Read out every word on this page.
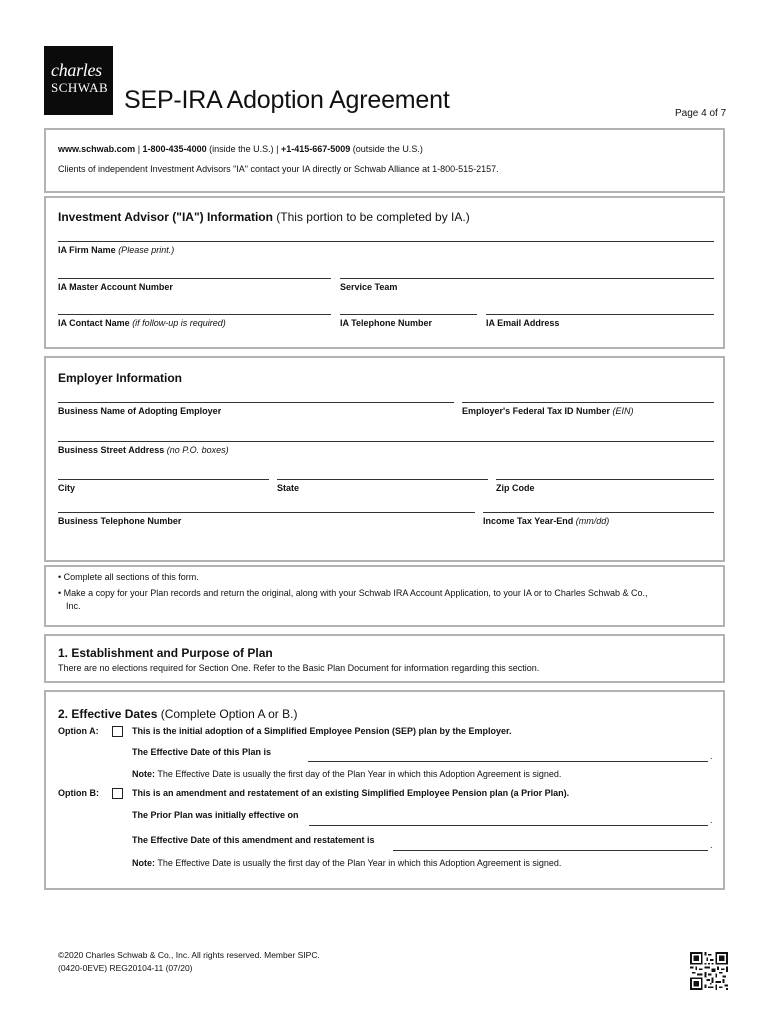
charles
SCHWAB SEP-IRA Adoption Agreement	Page 4 of 7
www.schwab.com | 1-800-435-4000 (inside the U.S.) | +1-415-667-5009 (outside the U.S.)
Clients of independent Investment Advisors "IA" contact your IA directly or Schwab Alliance at 1-800-515-2157.
Investment Advisor ("IA") Information (This portion to be completed by IA.)
IA Firm Name (Please print.)
IA Master Account Number	Service Team
IA Contact Name (if follow-up is required)	IA Telephone Number	IA Email Address
Employer Information
Business Name of Adopting Employer	Employer's Federal Tax ID Number (EIN)
Business Street Address (no P.O. boxes)
City	State	Zip Code
Business Telephone Number	Income Tax Year-End (mm/dd)
• Complete all sections of this form.
• Make a copy for your Plan records and return the original, along with your Schwab IRA Account Application, to your IA or to Charles Schwab & Co.,
Inc.
1. Establishment and Purpose of Plan
There are no elections required for Section One. Refer to the Basic Plan Document for information regarding this section.
2. Effective Dates (Complete Option A or B.)
Option A:	This is the initial adoption of a Simplified Employee Pension (SEP) plan by the Employer.
The Effective Date of this Plan is	.
Note: The Effective Date is usually the first day of the Plan Year in which this Adoption Agreement is signed.
Option B:	This is an amendment and restatement of an existing Simplified Employee Pension plan (a Prior Plan).
The Prior Plan was initially effective on	.
The Effective Date of this amendment and restatement is	.
Note: The Effective Date is usually the first day of the Plan Year in which this Adoption Agreement is signed.
©2020 Charles Schwab & Co., Inc. All rights reserved. Member SIPC.
(0420-0EVE) REG20104-11 (07/20)
